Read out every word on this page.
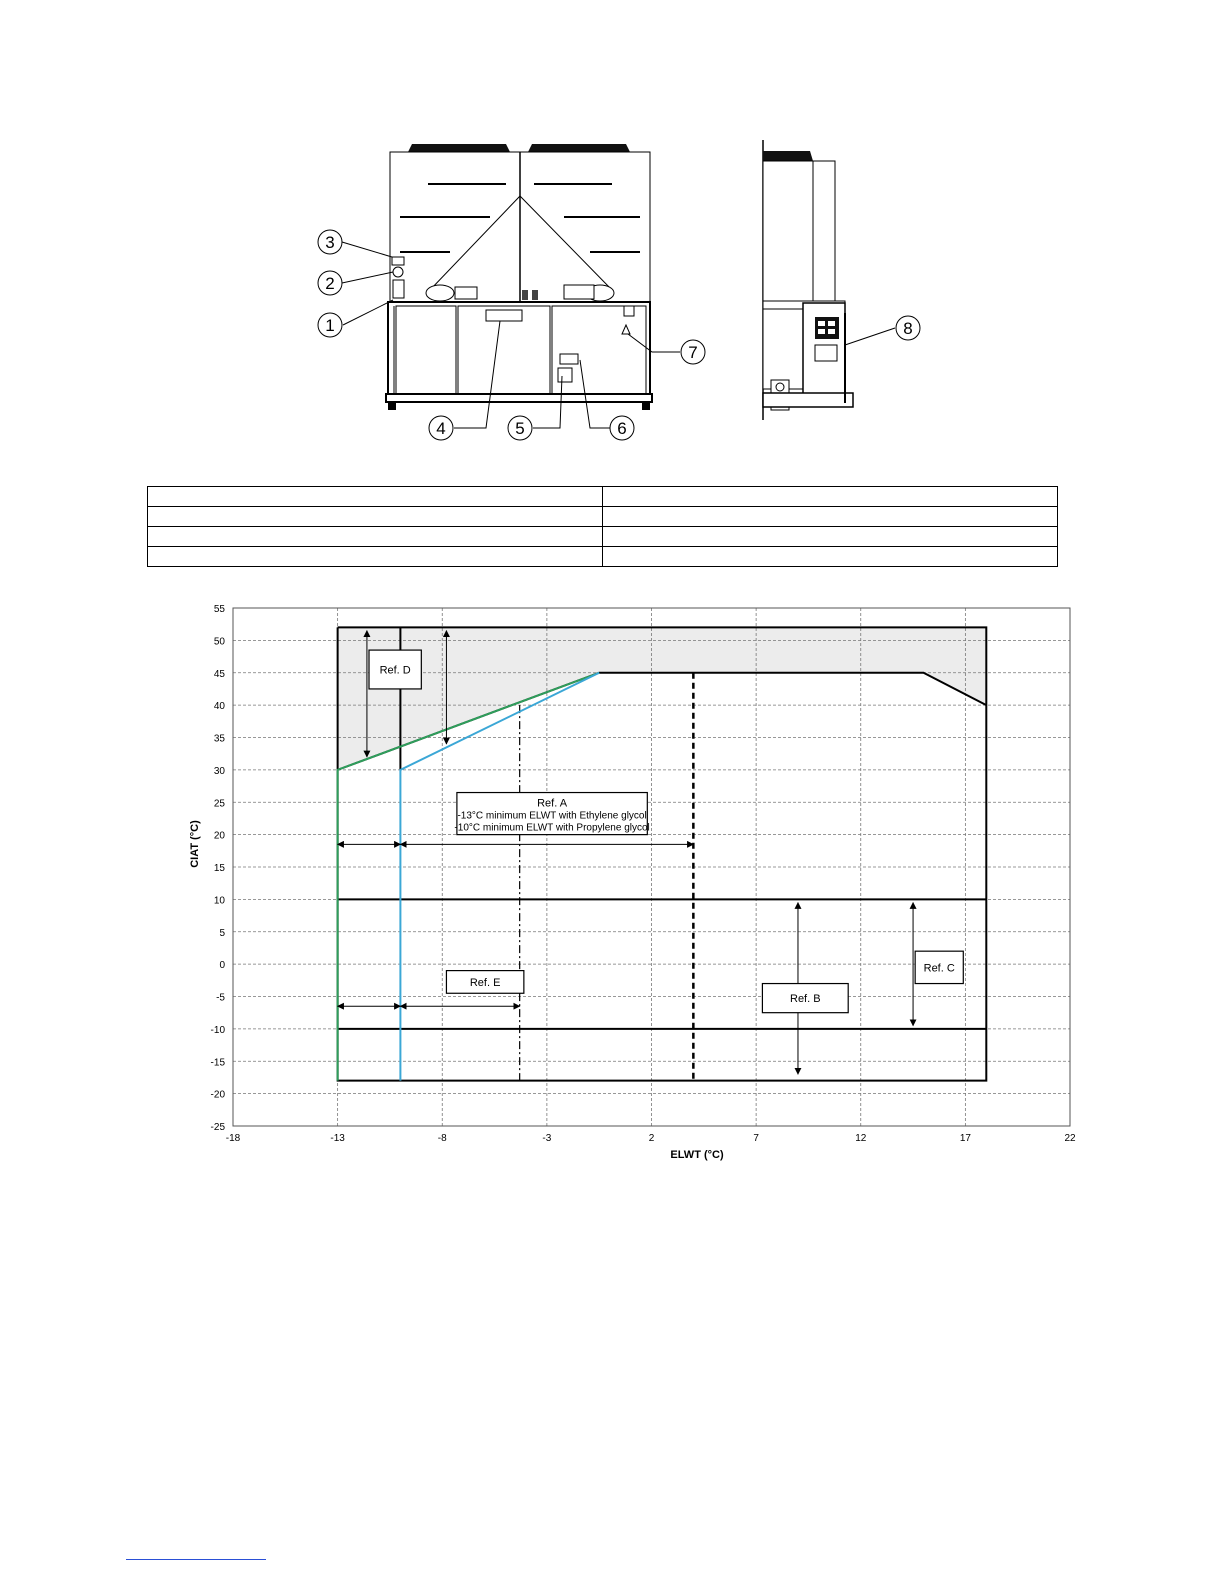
3
2
1
4	5	6
7
8

Ref. D
Ref. A
-13°C minimum ELWT with Ethylene glycol
-10°C minimum ELWT with Propylene glycol
Ref. E
Ref. B
Ref. C
55
50
45
40
35
30
25
20
15
10
5
0
-5
-10
-15
-20
-25
-18	-13	-8	-3	2	7	12	17	22
ELWT (°C)
CIAT (°C)
